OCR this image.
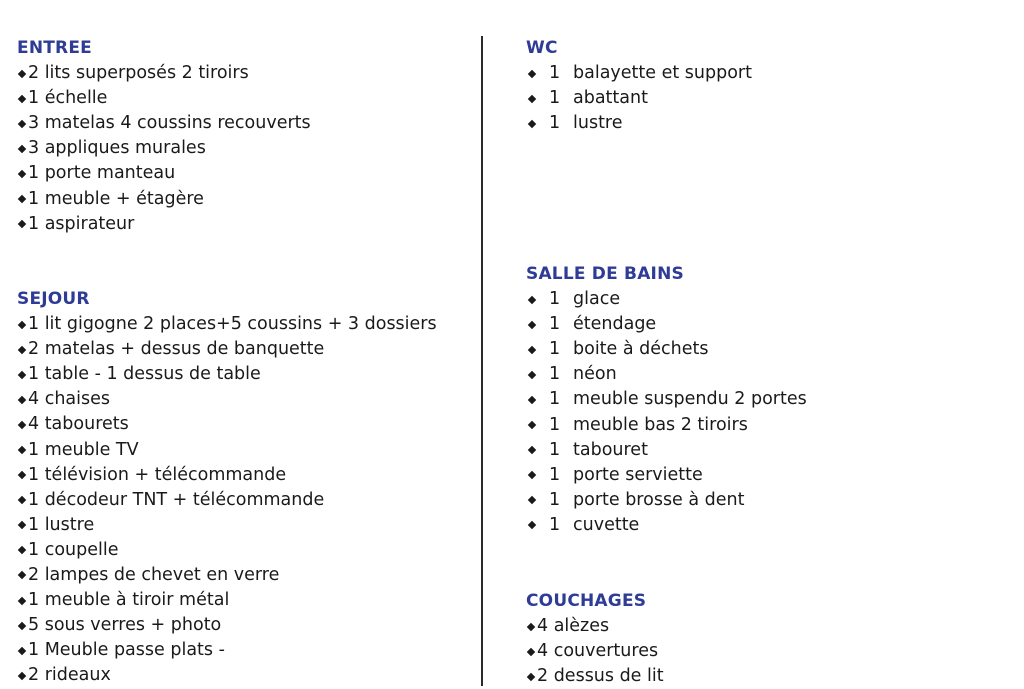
ENTREE
2 lits superposés 2 tiroirs
1 échelle
3 matelas 4 coussins recouverts
3 appliques murales
1 porte manteau
1 meuble + étagère
1 aspirateur
SEJOUR
1 lit gigogne 2 places+5 coussins + 3 dossiers
2 matelas + dessus de banquette
1 table - 1 dessus de table
4 chaises
4 tabourets
1 meuble TV
1 télévision + télécommande
1 décodeur TNT + télécommande
1 lustre
1 coupelle
2 lampes de chevet en verre
1 meuble à tiroir métal
5 sous verres + photo
1 Meuble passe plats -
2 rideaux
WC
1 balayette et support
1 abattant
1 lustre
SALLE DE BAINS
1 glace
1 étendage
1 boite à déchets
1 néon
1 meuble suspendu 2 portes
1 meuble bas 2 tiroirs
1 tabouret
1 porte serviette
1 porte brosse à dent
1 cuvette
COUCHAGES
4 alèzes
4 couvertures
2 dessus de lit
